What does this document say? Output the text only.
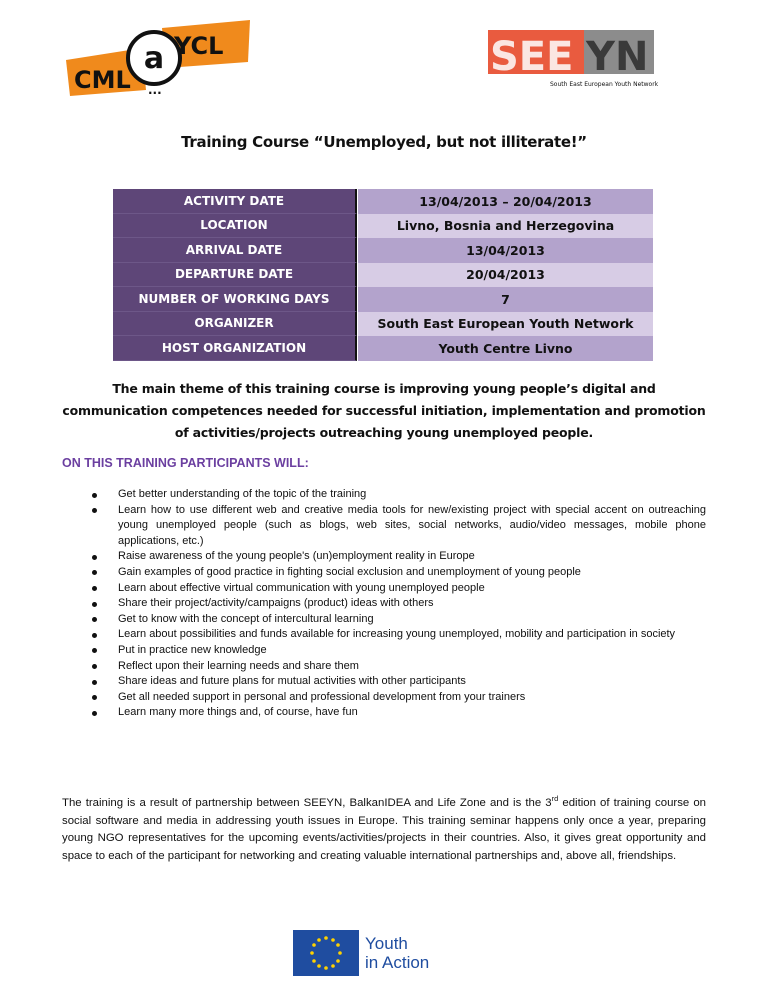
a
CML
YCL
...
SEE YN
South East European Youth Network
Training Course “Unemployed, but not illiterate!”
ACTIVITY DATE	13/04/2013 – 20/04/2013
LOCATION	Livno, Bosnia and Herzegovina
ARRIVAL DATE	13/04/2013
DEPARTURE DATE	20/04/2013
NUMBER OF WORKING DAYS	7
ORGANIZER	South East European Youth Network
HOST ORGANIZATION	Youth Centre Livno
The main theme of this training course is improving young people’s digital and communication competences needed for successful initiation, implementation and promotion of activities/projects outreaching young unemployed people.
ON THIS TRAINING PARTICIPANTS WILL:
Get better understanding of the topic of the training
Learn how to use different web and creative media tools for new/existing project with special accent on outreaching young unemployed people (such as blogs, web sites, social networks, audio/video messages, mobile phone applications, etc.)
Raise awareness of the young people's (un)employment reality in Europe
Gain examples of good practice in fighting social exclusion and unemployment of young people
Learn about effective virtual communication with young unemployed people
Share their project/activity/campaigns (product) ideas with others
Get to know with the concept of intercultural learning
Learn about possibilities and funds available for increasing young unemployed, mobility and participation in society
Put in practice new knowledge
Reflect upon their learning needs and share them
Share ideas and future plans for mutual activities with other participants
Get all needed support in personal and professional development from your trainers
Learn many more things and, of course, have fun
The training is a result of partnership between SEEYN, BalkanIDEA and Life Zone and is the 3rd edition of training course on social software and media in addressing youth issues in Europe. This training seminar happens only once a year, preparing young NGO representatives for the upcoming events/activities/projects in their countries. Also, it gives great opportunity and space to each of the participant for networking and creating valuable international partnerships and, above all, friendships.
Youth
in Action
